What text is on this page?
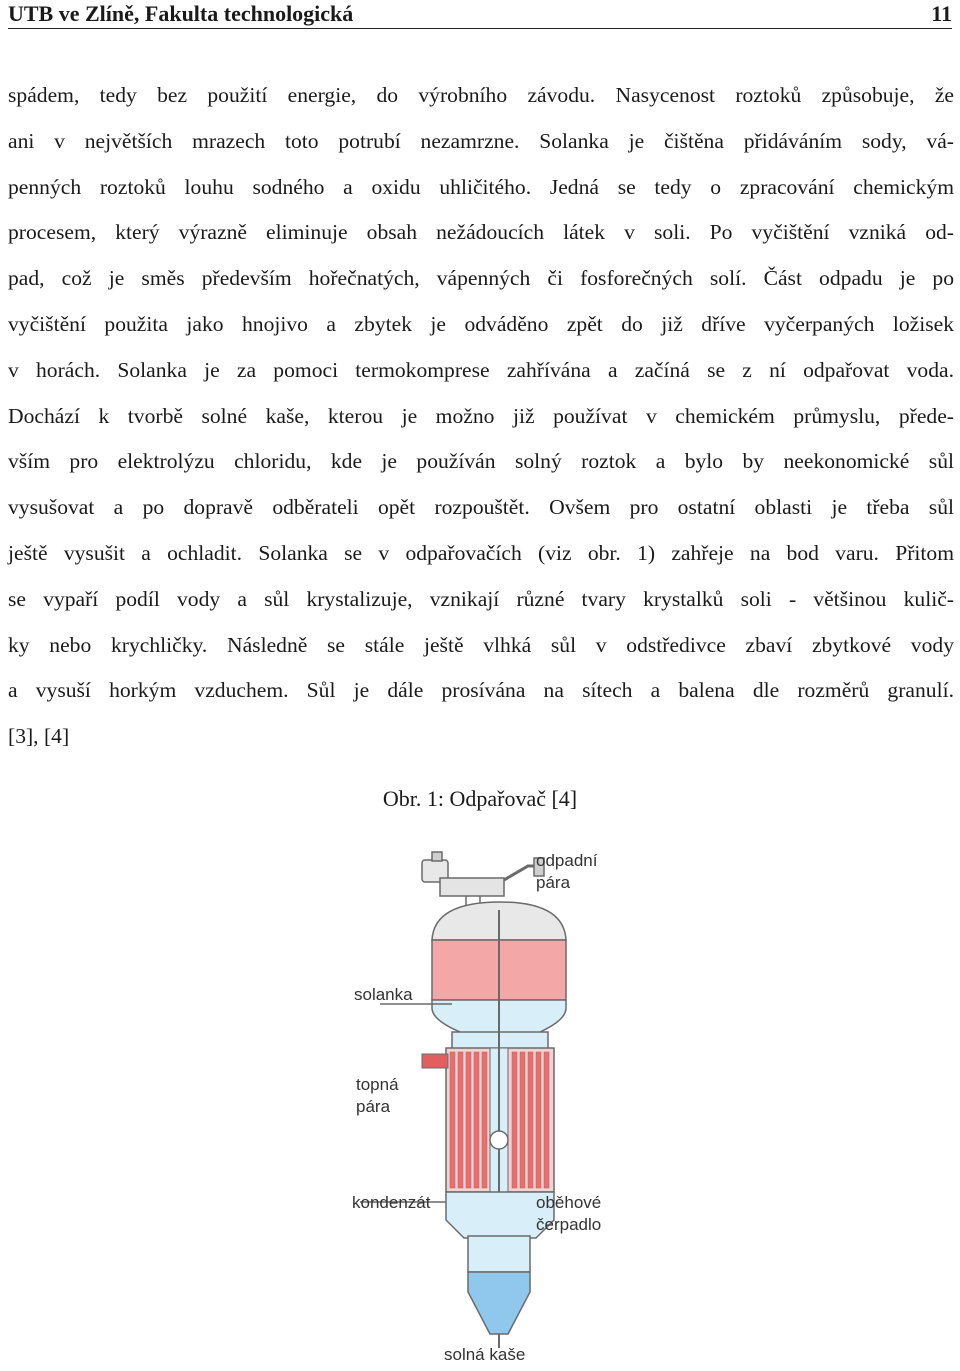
UTB ve Zlíně, Fakulta technologická	11
spádem, tedy bez použití energie, do výrobního závodu. Nasycenost roztoků způsobuje, že
ani v největších mrazech toto potrubí nezamrzne. Solanka je čištěna přidáváním sody, vá-
penných roztoků louhu sodného a oxidu uhličitého. Jedná se tedy o zpracování chemickým
procesem, který výrazně eliminuje obsah nežádoucích látek v soli. Po vyčištění vzniká od-
pad, což je směs především hořečnatých, vápenných či fosforečných solí. Část odpadu je po
vyčištění použita jako hnojivo a zbytek je odváděno zpět do již dříve vyčerpaných ložisek
v horách. Solanka je za pomoci termokomprese zahřívána a začíná se z ní odpařovat voda.
Dochází k tvorbě solné kaše, kterou je možno již používat v chemickém průmyslu, přede-
vším pro elektrolýzu chloridu, kde je používán solný roztok a bylo by neekonomické sůl
vysušovat a po dopravě odběrateli opět rozpouštět. Ovšem pro ostatní oblasti je třeba sůl
ještě vysušit a ochladit. Solanka se v odpařovačích (viz obr. 1) zahřeje na bod varu. Přitom
se vypaří podíl vody a sůl krystalizuje, vznikají různé tvary krystalků soli - většinou kulič-
ky nebo krychličky. Následně se stále ještě vlhká sůl v odstředivce zbaví zbytkové vody
a vysuší horkým vzduchem. Sůl je dále prosívána na sítech a balena dle rozměrů granulí.
[3], [4]
Obr. 1: Odpařovač [4]
odpadní
pára
solanka
topná
pára
kondenzát	oběhové
čerpadlo
solná kaše
